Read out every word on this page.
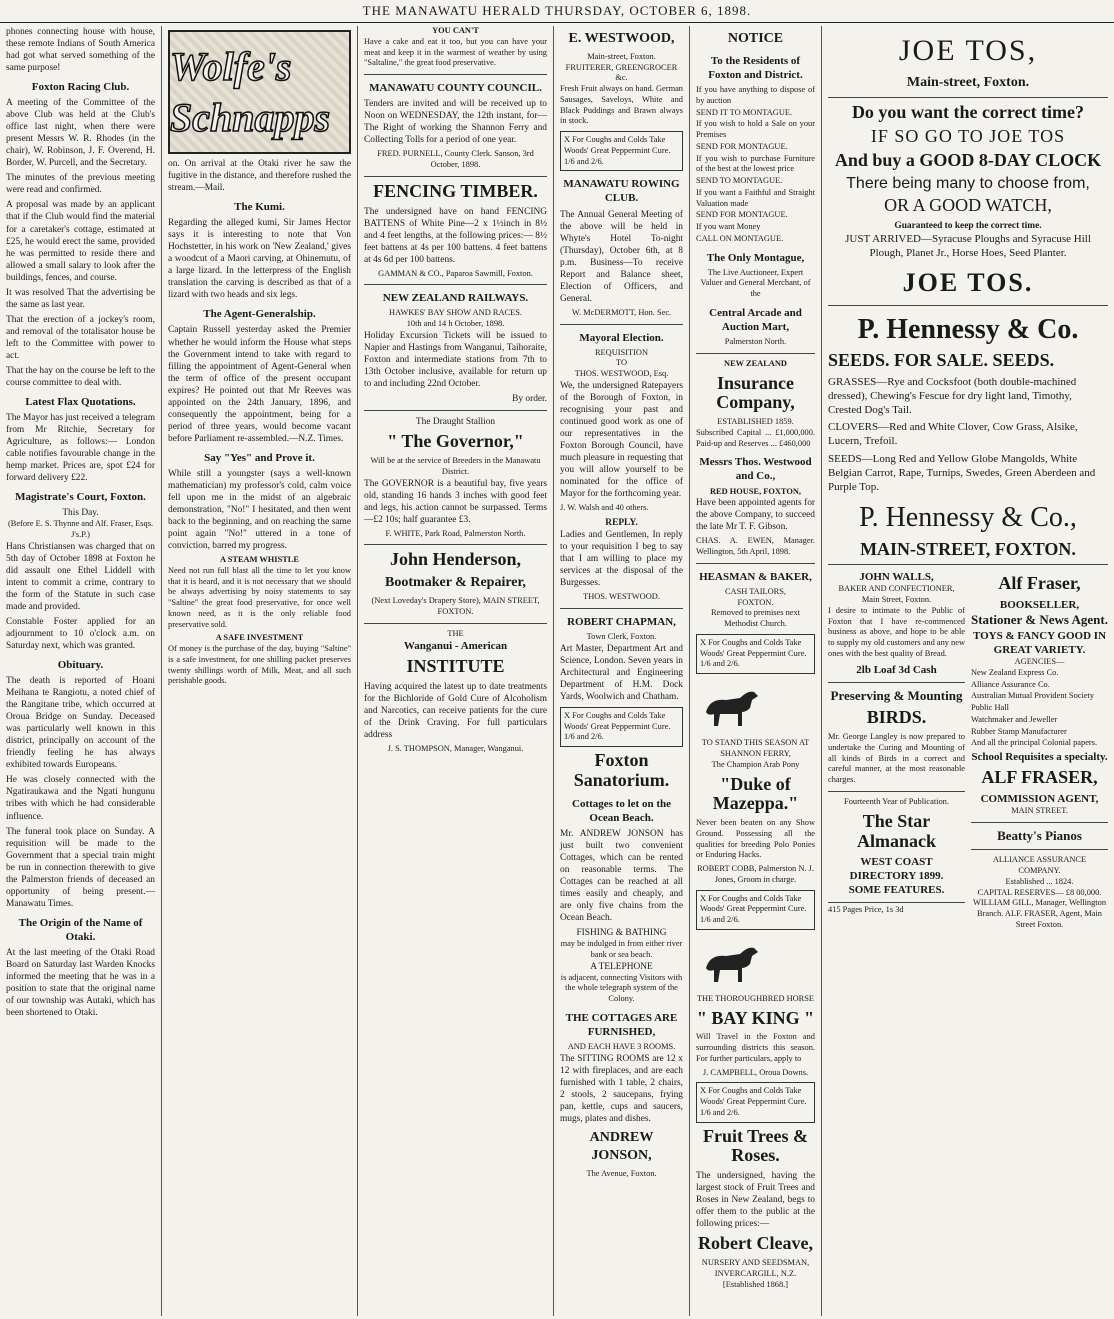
THE MANAWATU HERALD THURSDAY, OCTOBER 6, 1898.

phones connecting house with house, these remote Indians of South America had got what served something of the same purpose!

Foxton Racing Club.

A meeting of the Committee of the above Club was held at the Club's office last night, when there were present Messrs W. R. Rhodes (in the chair), W. Robinson, J. F. Overend, H. Border, W. Purcell, and the Secretary.

The minutes of the previous meeting were read and confirmed.

A proposal was made by an applicant that if the Club would find the material for a caretaker's cottage, estimated at £25, he would erect the same, provided he was permitted to reside there and allowed a small salary to look after the buildings, fences, and course.

It was resolved That the advertising be the same as last year.

That the erection of a jockey's room, and removal of the totalisator house be left to the Committee with power to act.

That the hay on the course be left to the course committee to deal with.

Latest Flax Quotations.

The Mayor has just received a telegram from Mr Ritchie, Secretary for Agriculture, as follows:— London cable notifies favourable change in the hemp market. Prices are, spot £24 for forward delivery £22.

Magistrate's Court, Foxton.
This Day.
(Before E. S. Thynne and Alf. Fraser, Esqs. J's.P.)

Hans Christiansen was charged that on 5th day of October 1898 at Foxton he did assault one Ethel Liddell with intent to commit a crime, contrary to the form of the Statute in such case made and provided.

Constable Foster applied for an adjournment to 10 o'clock a.m. on Saturday next, which was granted.

Obituary.

The death is reported of Hoani Meihana te Rangiotu, a noted chief of the Rangitane tribe, which occurred at Oroua Bridge on Sunday. Deceased was particularly well known in this district, principally on account of the friendly feeling he has always exhibited towards Europeans.

He was closely connected with the Ngatiraukawa and the Ngati hungunu tribes with which he had considerable influence.

The funeral took place on Sunday. A requisition will be made to the Government that a special train might be run in connection therewith to give the Palmerston friends of deceased an opportunity of being present.—Manawatu Times.

The Origin of the Name of Otaki.

At the last meeting of the Otaki Road Board on Saturday last Warden Knocks informed the meeting that he was in a position to state that the original name of our township was Autaki, which has been shortened to Otaki.

Wolfe's Schnapps

on. On arrival at the Otaki river he saw the fugitive in the distance, and therefore rushed the stream.—Mail.

The Kumi.

Regarding the alleged kumi, Sir James Hector says it is interesting to note that Von Hochstetter, in his work on 'New Zealand,' gives a woodcut of a Maori carving, at Ohinemutu, of a large lizard. In the letterpress of the English translation the carving is described as that of a lizard with two heads and six legs.

The Agent-Generalship.

Captain Russell yesterday asked the Premier whether he would inform the House what steps the Government intend to take with regard to filling the appointment of Agent-General when the term of office of the present occupant expires? He pointed out that Mr Reeves was appointed on the 24th January, 1896, and consequently the appointment, being for a period of three years, would become vacant before Parliament re-assembled.—N.Z. Times.

Say "Yes" and Prove it.

While still a youngster (says a well-known mathematician) my professor's cold, calm voice fell upon me in the midst of an algebraic demonstration, "No!" I hesitated, and then went back to the beginning, and on reaching the same point again "No!" uttered in a tone of conviction, barred my progress.

A STEAM WHISTLE

Need not run full blast all the time to let you know that it is heard, and it is not necessary that we should be always advertising by noisy statements to say "Saltine" the great food preservative, for once well known need, as it is the only reliable food preservative sold.

A SAFE INVESTMENT

Of money is the purchase of the day, buying "Saltine" is a safe investment, for one shilling packet preserves twenty shillings worth of Milk, Meat, and all such perishable goods.

YOU CAN'T

Have a cake and eat it too, but you can have your meat and keep it in the warmest of weather by using "Saltaline," the great food preservative.

MANAWATU COUNTY COUNCIL.

Tenders are invited and will be received up to Noon on WEDNESDAY, the 12th instant, for— The Right of working the Shannon Ferry and Collecting Tolls for a period of one year.

FRED. PURNELL, County Clerk. Sanson, 3rd October, 1898.

FENCING TIMBER.

The undersigned have on hand FENCING BATTENS of White Pine—2 x 1½inch in 8½ and 4 feet lengths, at the following prices:— 8½ feet battens at 4s per 100 battens. 4 feet battens at 4s 6d per 100 battens.

GAMMAN & CO., Paparoa Sawmill, Foxton.

NEW ZEALAND RAILWAYS.
HAWKES' BAY SHOW AND RACES.
10th and 14 h October, 1898.

Holiday Excursion Tickets will be issued to Napier and Hastings from Wanganui, Taihoraite, Foxton and intermediate stations from 7th to 13th October inclusive, available for return up to and including 22nd October.

By order.

The Draught Stallion
" The Governor,"
Will be at the service of Breeders in the Manawatu District.

The GOVERNOR is a beautiful bay, five years old, standing 16 hands 3 inches with good feet and legs, his action cannot be surpassed. Terms—£2 10s; half guarantee £3.

F. WHITE, Park Road, Palmerston North.

John Henderson,
Bootmaker & Repairer,
(Next Loveday's Drapery Store), MAIN STREET, FOXTON.
THE
Wanganui - American
INSTITUTE

Having acquired the latest up to date treatments for the Bichloride of Gold Cure of Alcoholism and Narcotics, can receive patients for the cure of the Drink Craving. For full particulars address

J. S. THOMPSON, Manager, Wanganui.

E. WESTWOOD,
Main-street, Foxton.
FRUITERER, GREENGROCER &c.

Fresh Fruit always on hand. German Sausages, Saveloys, White and Black Puddings and Brawn always in stock.

X For Coughs and Colds Take Woods' Great Peppermint Cure. 1/6 and 2/6.
MANAWATU ROWING CLUB.

The Annual General Meeting of the above will be held in Whyte's Hotel To-night (Thursday), October 6th, at 8 p.m. Business—To receive Report and Balance sheet, Election of Officers, and General.

W. McDERMOTT, Hon. Sec.

Mayoral Election.
REQUISITION
TO
THOS. WESTWOOD, Esq.

We, the undersigned Ratepayers of the Borough of Foxton, in recognising your past and continued good work as one of our representatives in the Foxton Borough Council, have much pleasure in requesting that you will allow yourself to be nominated for the office of Mayor for the forthcoming year.

J. W. Walsh and 40 others.

REPLY.

Ladies and Gentlemen, In reply to your requisition I beg to say that I am willing to place my services at the disposal of the Burgesses.

THOS. WESTWOOD.

ROBERT CHAPMAN,
Town Clerk, Foxton.

Art Master, Department Art and Science, London. Seven years in Architectural and Engineering Department of H.M. Dock Yards, Woolwich and Chatham.

X For Coughs and Colds Take Woods' Great Peppermint Cure. 1/6 and 2/6.
Foxton Sanatorium.
Cottages to let on the Ocean Beach.

Mr. ANDREW JONSON has just built two convenient Cottages, which can be rented on reasonable terms. The Cottages can be reached at all times easily and cheaply, and are only five chains from the Ocean Beach.

FISHING & BATHING
may be indulged in from either river bank or sea beach.
A TELEPHONE
is adjacent, connecting Visitors with the whole telegraph system of the Colony.
THE COTTAGES ARE FURNISHED,
AND EACH HAVE 3 ROOMS.

The SITTING ROOMS are 12 x 12 with fireplaces, and are each furnished with 1 table, 2 chairs, 2 stools, 2 saucepans, frying pan, kettle, cups and saucers, mugs, plates and dishes.

ANDREW JONSON,
The Avenue, Foxton.
NOTICE
To the Residents of Foxton and District.

If you have anything to dispose of by auction

SEND IT TO MONTAGUE.

If you wish to hold a Sale on your Premises

SEND FOR MONTAGUE.

If you wish to purchase Furniture of the best at the lowest price

SEND TO MONTAGUE.

If you want a Faithful and Straight Valuation made

SEND FOR MONTAGUE.

If you want Money

CALL ON MONTAGUE.

The Only Montague,

The Live Auctioneer, Expert Valuer and General Merchant, of the

Central Arcade and Auction Mart,
Palmerston North.
NEW ZEALAND
Insurance Company,
ESTABLISHED 1859.

Subscribed Capital ... £1,000,000. Paid-up and Reserves ... £460,000

Messrs Thos. Westwood and Co.,
RED HOUSE, FOXTON,

Have been appointed agents for the above Company, to succeed the late Mr T. F. Gibson.

CHAS. A. EWEN, Manager. Wellington, 5th April, 1898.

HEASMAN & BAKER,
CASH TAILORS,
FOXTON.

Removed to premises next Methodist Church.

X For Coughs and Colds Take Woods' Great Peppermint Cure. 1/6 and 2/6.
TO STAND THIS SEASON AT SHANNON FERRY,
The Champion Arab Pony
"Duke of Mazeppa."

Never been beaten on any Show Ground. Possessing all the qualities for breeding Polo Ponies or Enduring Hacks.

ROBERT COBB, Palmerston N. J. Jones, Groom in charge.

X For Coughs and Colds Take Woods' Great Peppermint Cure. 1/6 and 2/6.
THE THOROUGHBRED HORSE
" BAY KING "

Will Travel in the Foxton and surrounding districts this season. For further particulars, apply to

J. CAMPBELL, Oroua Downs.

X For Coughs and Colds Take Woods' Great Peppermint Cure. 1/6 and 2/6.
Fruit Trees & Roses.

The undersigned, having the largest stock of Fruit Trees and Roses in New Zealand, begs to offer them to the public at the following prices:—

Robert Cleave,
NURSERY AND SEEDSMAN,
INVERCARGILL, N.Z.
[Established 1868.]
JOE TOS,
Main-street, Foxton.
Do you want the correct time?
IF SO GO TO JOE TOS
And buy a GOOD 8-DAY CLOCK
There being many to choose from,
OR A GOOD WATCH,
Guaranteed to keep the correct time.

JUST ARRIVED—Syracuse Ploughs and Syracuse Hill Plough, Planet Jr., Horse Hoes, Seed Planter.

JOE TOS.
P. Hennessy & Co.
SEEDS. FOR SALE. SEEDS.

GRASSES—Rye and Cocksfoot (both double-machined dressed), Chewing's Fescue for dry light land, Timothy, Crested Dog's Tail.

CLOVERS—Red and White Clover, Cow Grass, Alsike, Lucern, Trefoil.

SEEDS—Long Red and Yellow Globe Mangolds, White Belgian Carrot, Rape, Turnips, Swedes, Green Aberdeen and Purple Top.

P. Hennessy & Co.,
MAIN-STREET, FOXTON.
JOHN WALLS,
BAKER AND CONFECTIONER,
Main Street, Foxton.

I desire to intimate to the Public of Foxton that I have re-commenced business as above, and hope to be able to supply my old customers and any new ones with the best quality of Bread.

2lb Loaf 3d Cash
Preserving & Mounting
BIRDS.

Mr. George Langley is now prepared to undertake the Curing and Mounting of all kinds of Birds in a correct and careful manner, at the most reasonable charges.

Fourteenth Year of Publication.
The Star Almanack
WEST COAST DIRECTORY 1899.
SOME FEATURES.
415 Pages Price, 1s 3d
Alf Fraser,
BOOKSELLER,
Stationer & News Agent.
TOYS & FANCY GOOD IN GREAT VARIETY.
AGENCIES—

New Zealand Express Co.

Alliance Assurance Co.

Australian Mutual Provident Society

Public Hall

Watchmaker and Jeweller

Rubber Stamp Manufacturer

And all the principal Colonial papers.

School Requisites a specialty.
ALF FRASER,
COMMISSION AGENT,
MAIN STREET.
Beatty's Pianos
ALLIANCE ASSURANCE COMPANY.
Established ... 1824.
CAPITAL RESERVES— £8 00,000.

WILLIAM GILL, Manager, Wellington Branch. ALF. FRASER, Agent, Main Street Foxton.
